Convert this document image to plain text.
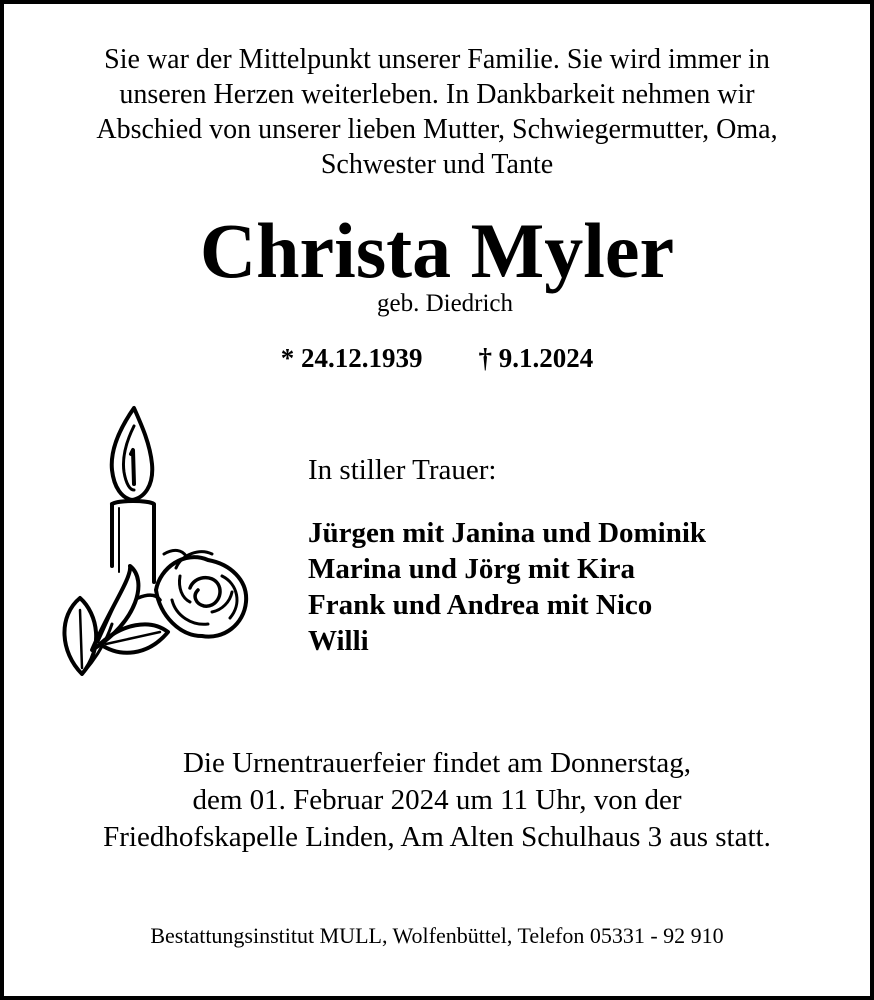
Sie war der Mittelpunkt unserer Familie. Sie wird immer in
unseren Herzen weiterleben. In Dankbarkeit nehmen wir
Abschied von unserer lieben Mutter, Schwiegermutter, Oma,
Schwester und Tante
Christa Myler
geb. Diedrich
* 24.12.1939 † 9.1.2024
In stiller Trauer:
Jürgen mit Janina und Dominik
Marina und Jörg mit Kira
Frank und Andrea mit Nico
Willi
Die Urnentrauerfeier findet am Donnerstag,
dem 01. Februar 2024 um 11 Uhr, von der
Friedhofskapelle Linden, Am Alten Schulhaus 3 aus statt.
Bestattungsinstitut MULL, Wolfenbüttel, Telefon 05331 - 92 910
